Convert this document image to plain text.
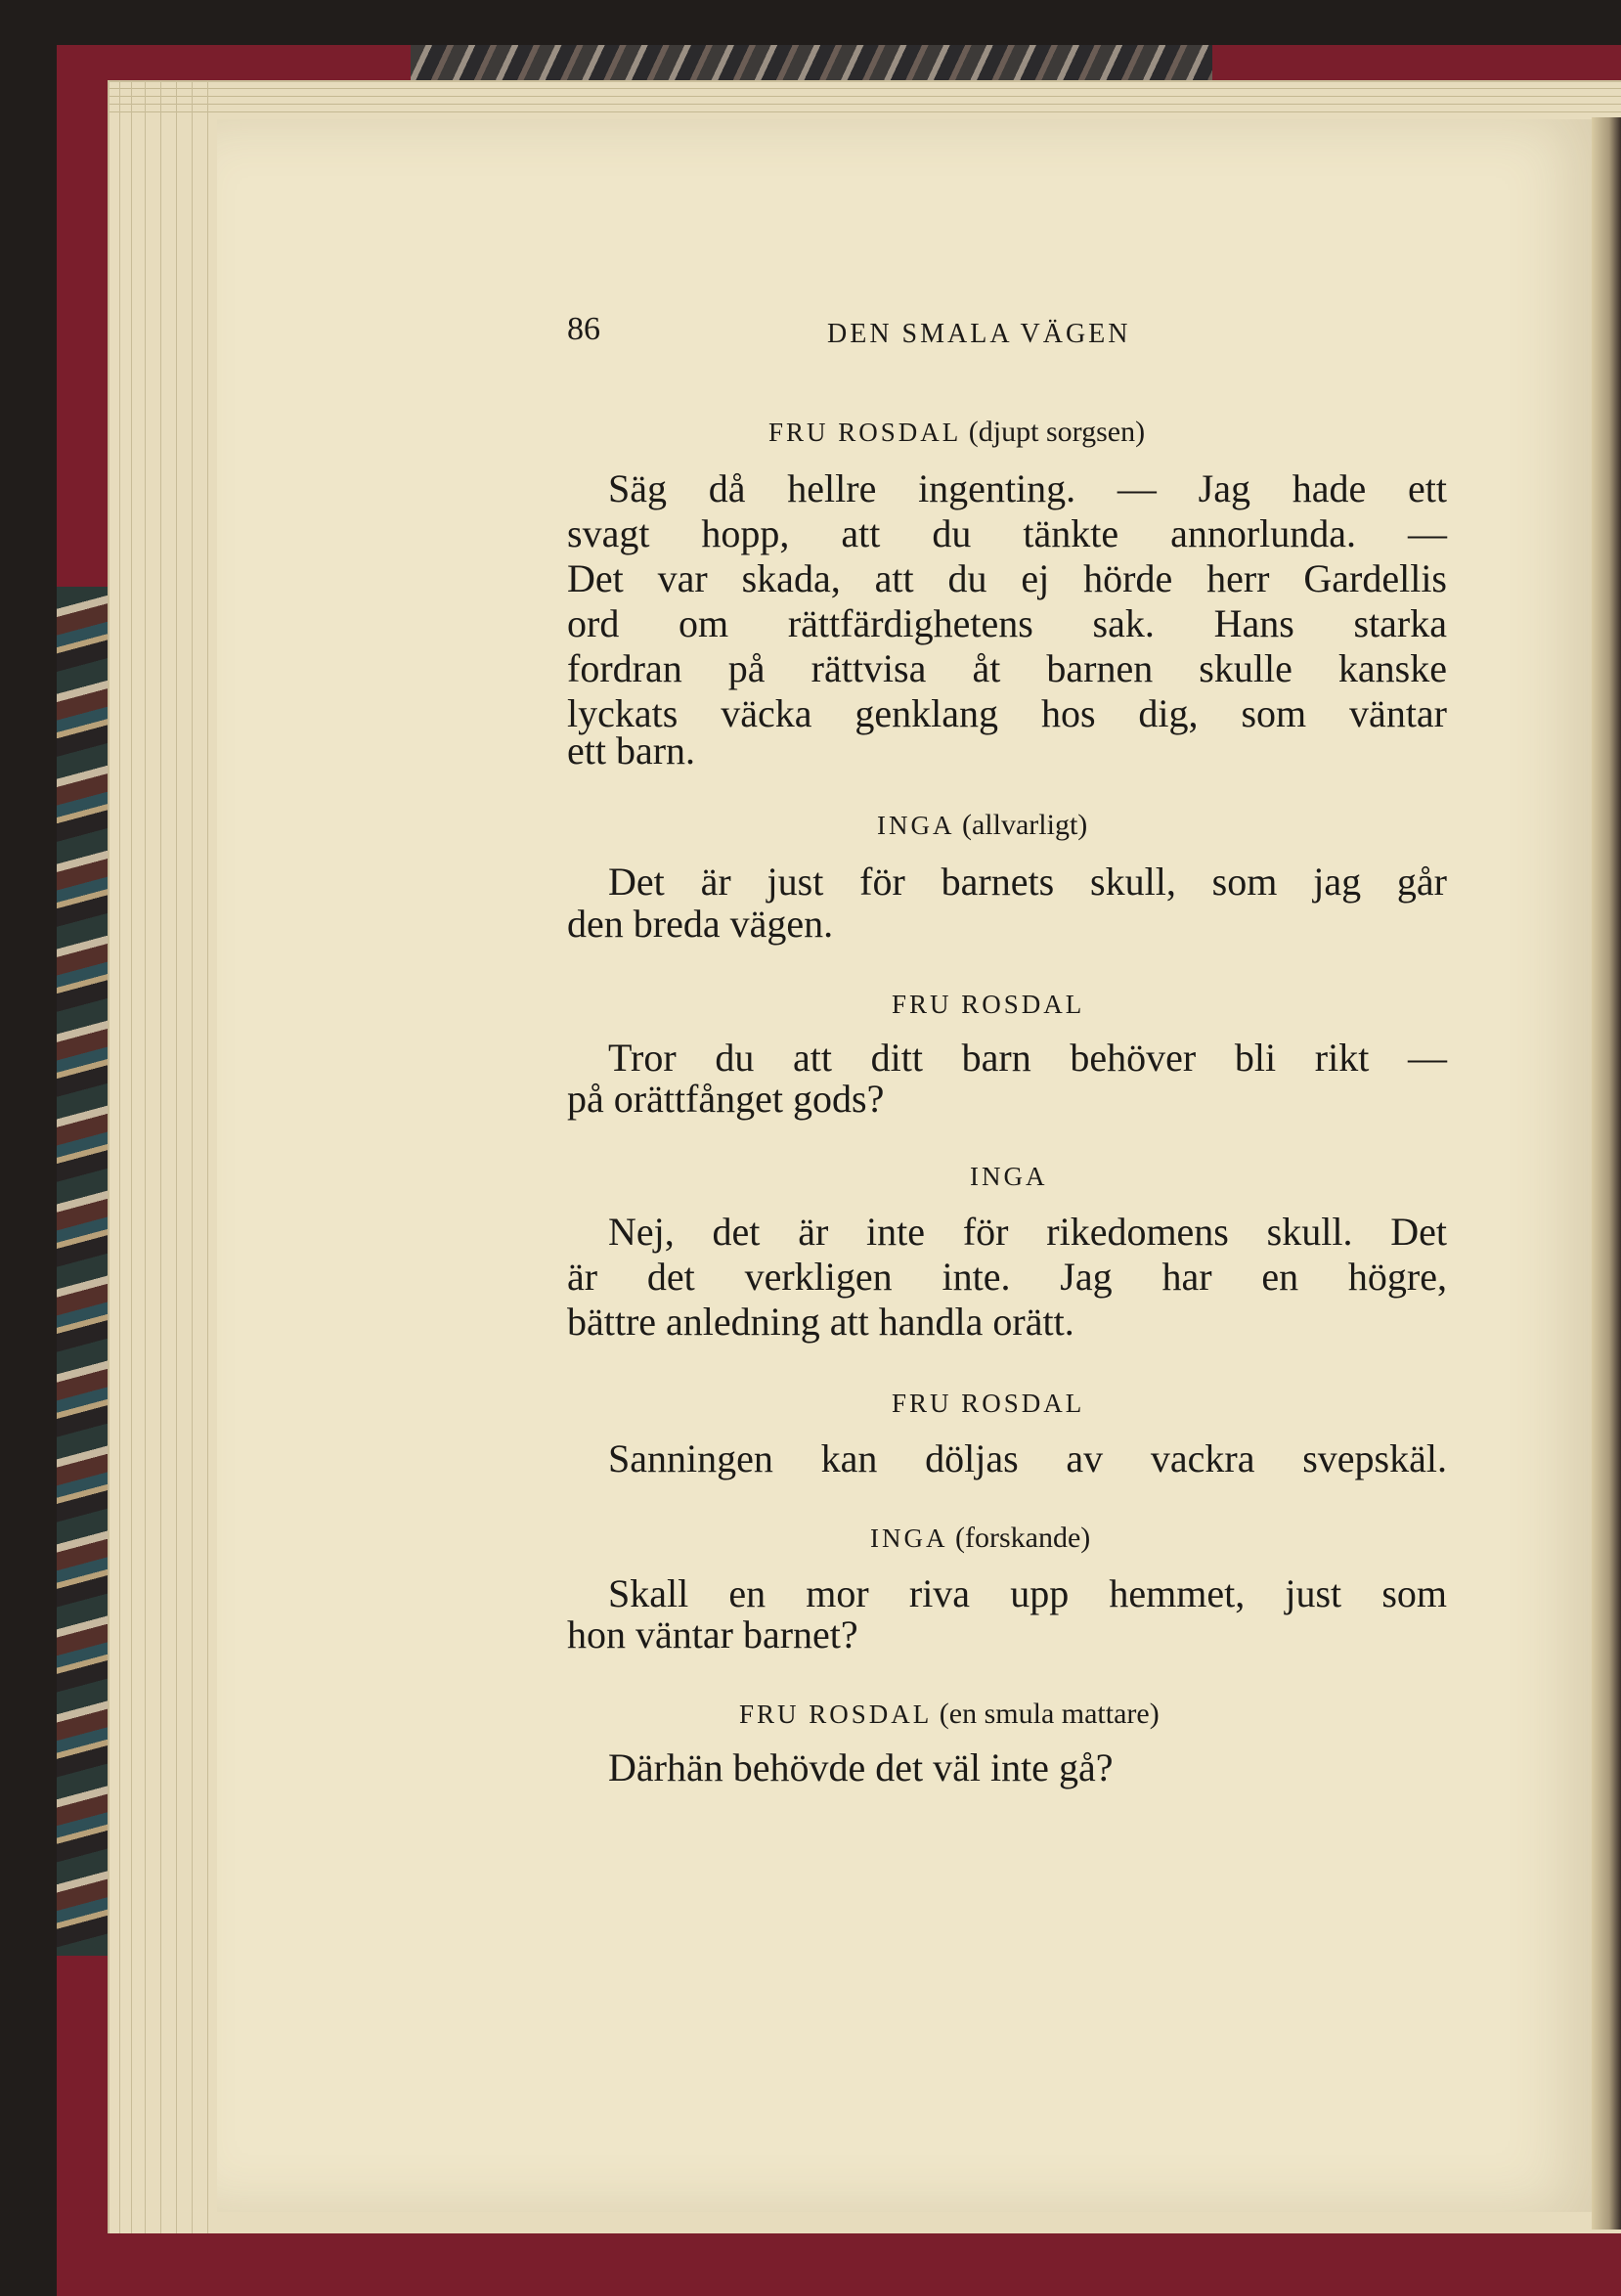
86	DEN SMALA VÄGEN
FRU ROSDAL (djupt sorgsen)
Säg då hellre ingenting. — Jag hade ett
svagt hopp, att du tänkte annorlunda. —
Det var skada, att du ej hörde herr Gardellis
ord om rättfärdighetens sak. Hans starka
fordran på rättvisa åt barnen skulle kanske
lyckats väcka genklang hos dig, som väntar
ett barn.
INGA (allvarligt)
Det är just för barnets skull, som jag går
den breda vägen.
FRU ROSDAL
Tror du att ditt barn behöver bli rikt —
på orättfånget gods?
INGA
Nej, det är inte för rikedomens skull. Det
är det verkligen inte. Jag har en högre,
bättre anledning att handla orätt.
FRU ROSDAL
Sanningen kan döljas av vackra svepskäl.
INGA (forskande)
Skall en mor riva upp hemmet, just som
hon väntar barnet?
FRU ROSDAL (en smula mattare)
Därhän behövde det väl inte gå?
